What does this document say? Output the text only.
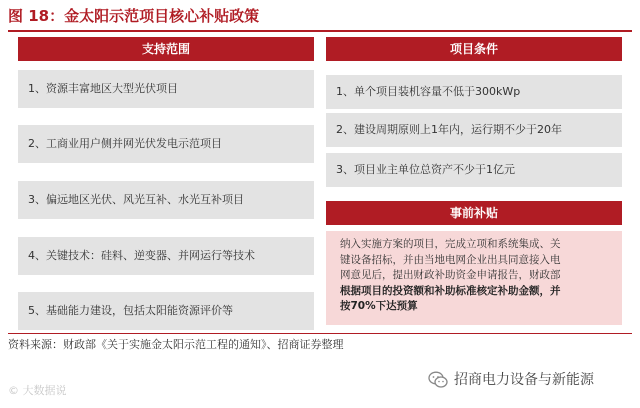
图 18：金太阳示范项目核心补贴政策
支持范围
1、资源丰富地区大型光伏项目
2、工商业用户侧并网光伏发电示范项目
3、偏远地区光伏、风光互补、水光互补项目
4、关键技术：硅料、逆变器、并网运行等技术
5、基础能力建设，包括太阳能资源评价等
项目条件
1、单个项目装机容量不低于300kWp
2、建设周期原则上1年内，运行期不少于20年
3、项目业主单位总资产不少于1亿元
事前补贴
纳入实施方案的项目，完成立项和系统集成、关
键设备招标，并由当地电网企业出具同意接入电
网意见后，提出财政补助资金申请报告，财政部
根据项目的投资额和补助标准核定补助金额，并
按70%下达预算
资料来源：财政部《关于实施金太阳示范工程的通知》、招商证券整理
© 大数据说
招商电力设备与新能源
